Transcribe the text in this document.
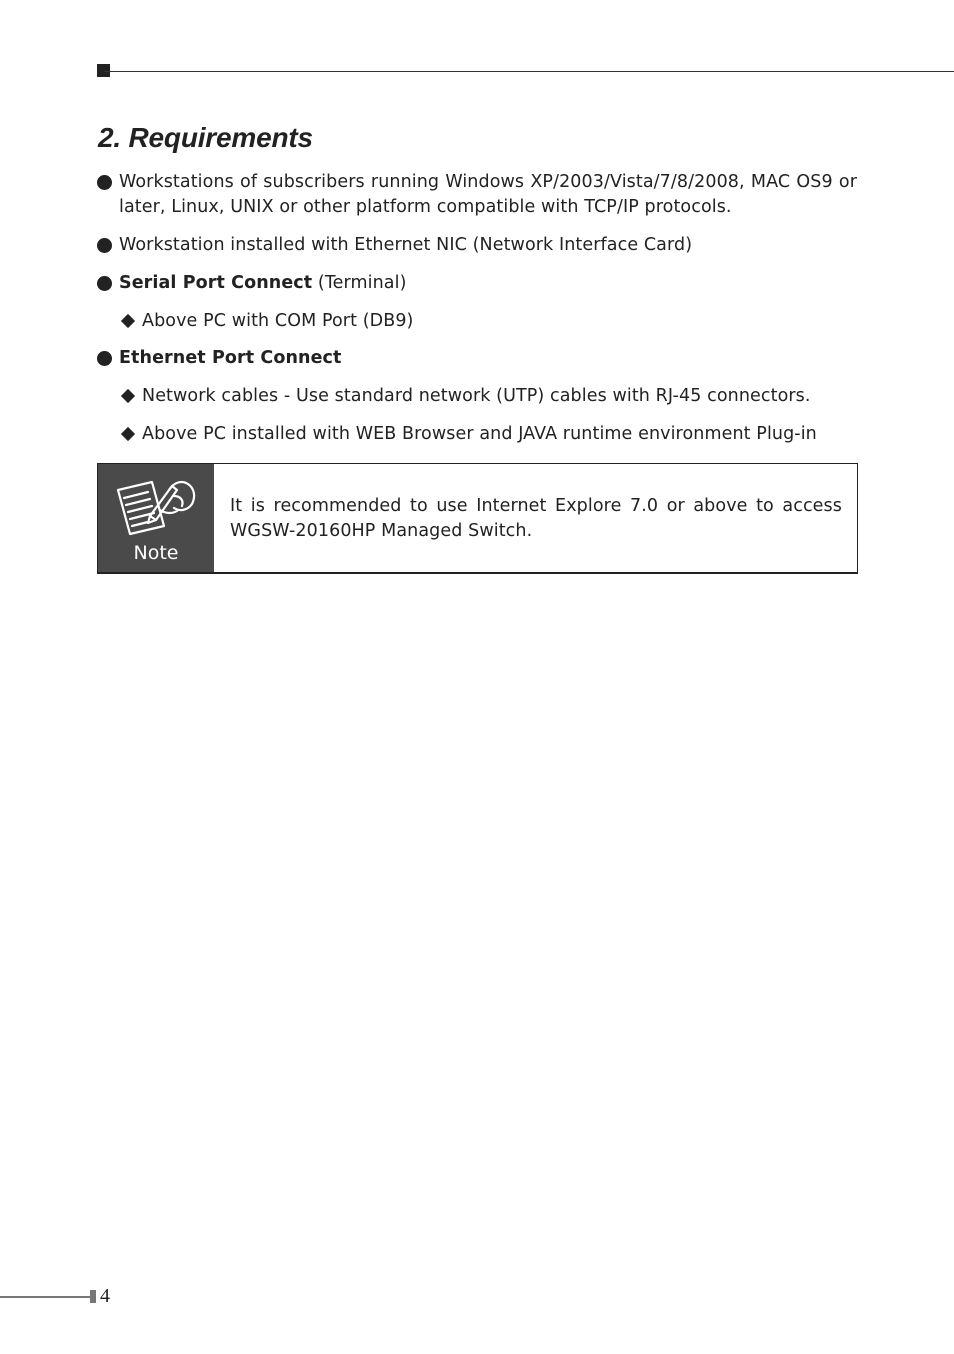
2. Requirements
Workstations of subscribers running Windows XP/2003/Vista/7/8/2008, MAC OS9 or later, Linux, UNIX or other platform compatible with TCP/IP protocols.
Workstation installed with Ethernet NIC (Network Interface Card)
Serial Port Connect (Terminal)
Above PC with COM Port (DB9)
Ethernet Port Connect
Network cables - Use standard network (UTP) cables with RJ-45 connectors.
Above PC installed with WEB Browser and JAVA runtime environment Plug-in
Note
It is recommended to use Internet Explore 7.0 or above to access WGSW-20160HP Managed Switch.
4
